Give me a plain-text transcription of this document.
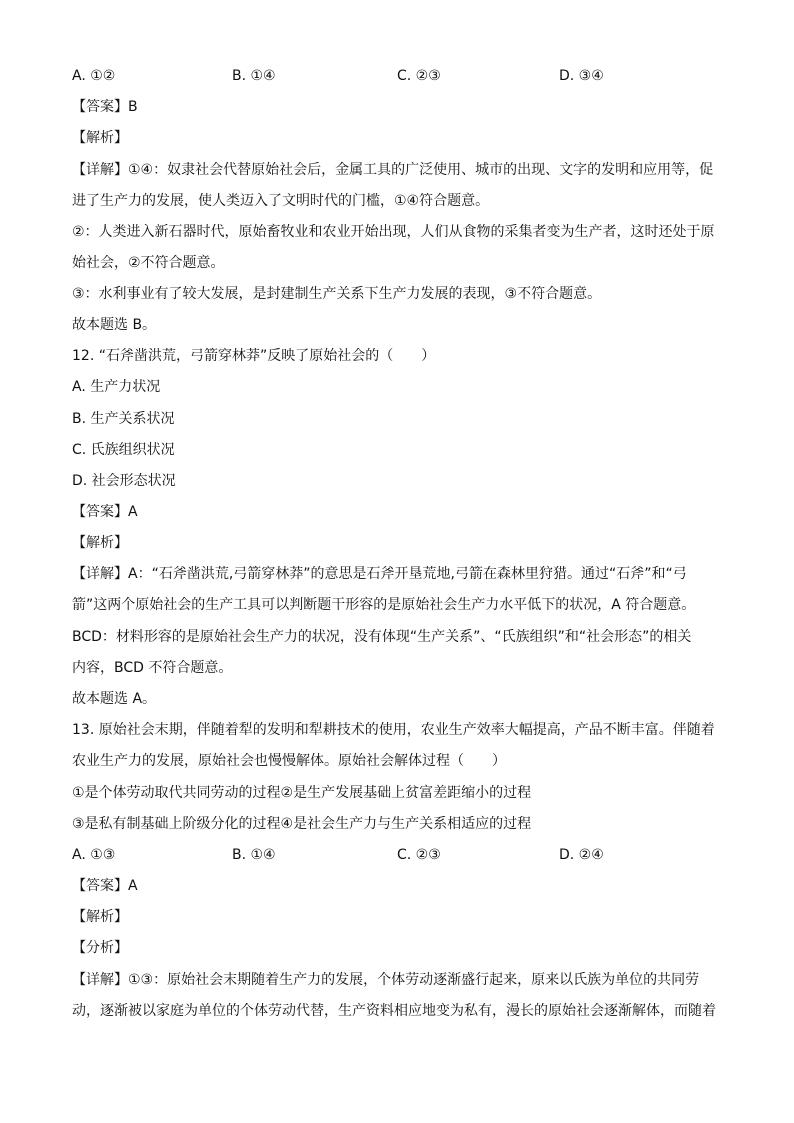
A. ①②	B. ①④	C. ②③	D. ③④
【答案】B
【解析】
【详解】①④：奴隶社会代替原始社会后，金属工具的广泛使用、城市的出现、文字的发明和应用等，促
进了生产力的发展，使人类迈入了文明时代的门槛，①④符合题意。
②：人类进入新石器时代，原始畜牧业和农业开始出现，人们从食物的采集者变为生产者，这时还处于原
始社会，②不符合题意。
③：水利事业有了较大发展，是封建制生产关系下生产力发展的表现，③不符合题意。
故本题选 B。
12. “石斧凿洪荒，弓箭穿林莽”反映了原始社会的（　　）
A. 生产力状况
B. 生产关系状况
C. 氏族组织状况
D. 社会形态状况
【答案】A
【解析】
【详解】A：“石斧凿洪荒,弓箭穿林莽”的意思是石斧开垦荒地,弓箭在森林里狩猎。通过“石斧”和“弓
箭”这两个原始社会的生产工具可以判断题干形容的是原始社会生产力水平低下的状况，A 符合题意。
BCD：材料形容的是原始社会生产力的状况，没有体现“生产关系”、“氏族组织”和“社会形态”的相关
内容，BCD 不符合题意。
故本题选 A。
13. 原始社会末期，伴随着犁的发明和犁耕技术的使用，农业生产效率大幅提高，产品不断丰富。伴随着
农业生产力的发展，原始社会也慢慢解体。原始社会解体过程（　　）
①是个体劳动取代共同劳动的过程②是生产发展基础上贫富差距缩小的过程
③是私有制基础上阶级分化的过程④是社会生产力与生产关系相适应的过程
A. ①③	B. ①④	C. ②③	D. ②④
【答案】A
【解析】
【分析】
【详解】①③：原始社会末期随着生产力的发展，个体劳动逐渐盛行起来，原来以氏族为单位的共同劳
动，逐渐被以家庭为单位的个体劳动代替，生产资料相应地变为私有，漫长的原始社会逐渐解体，而随着
